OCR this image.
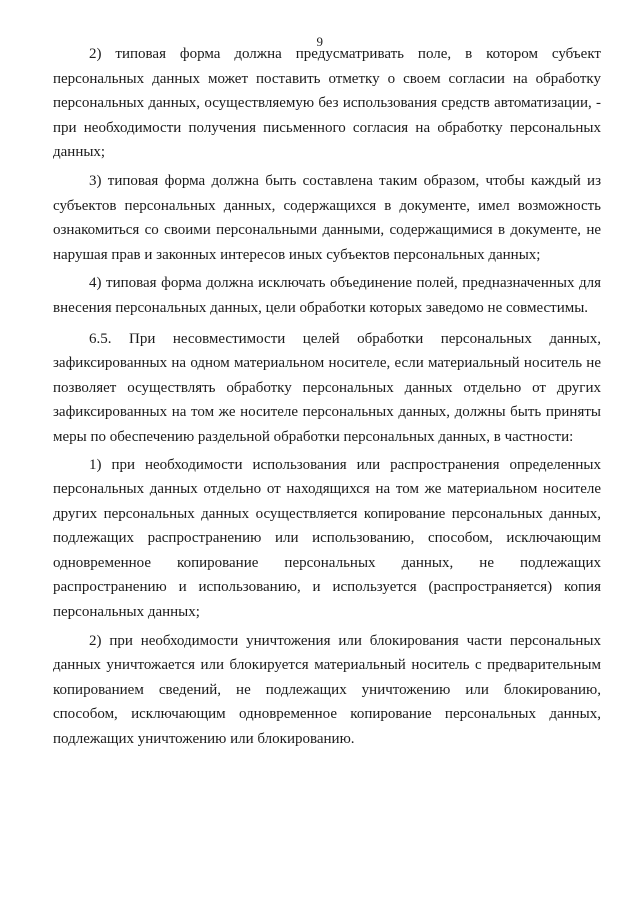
9

2) типовая форма должна предусматривать поле, в котором субъект персональных данных может поставить отметку о своем согласии на обработку персональных данных, осуществляемую без использования средств автоматизации, - при необходимости получения письменного согласия на обработку персональных данных;

3) типовая форма должна быть составлена таким образом, чтобы каждый из субъектов персональных данных, содержащихся в документе, имел возможность ознакомиться со своими персональными данными, содержащимися в документе, не нарушая прав и законных интересов иных субъектов персональных данных;

4) типовая форма должна исключать объединение полей, предназначенных для внесения персональных данных, цели обработки которых заведомо не совместимы.

6.5. При несовместимости целей обработки персональных данных, зафиксированных на одном материальном носителе, если материальный носитель не позволяет осуществлять обработку персональных данных отдельно от других зафиксированных на том же носителе персональных данных, должны быть приняты меры по обеспечению раздельной обработки персональных данных, в частности:

1) при необходимости использования или распространения определенных персональных данных отдельно от находящихся на том же материальном носителе других персональных данных осуществляется копирование персональных данных, подлежащих распространению или использованию, способом, исключающим одновременное копирование персональных данных, не подлежащих распространению и использованию, и используется (распространяется) копия персональных данных;

2) при необходимости уничтожения или блокирования части персональных данных уничтожается или блокируется материальный носитель с предварительным копированием сведений, не подлежащих уничтожению или блокированию, способом, исключающим одновременное копирование персональных данных, подлежащих уничтожению или блокированию.
